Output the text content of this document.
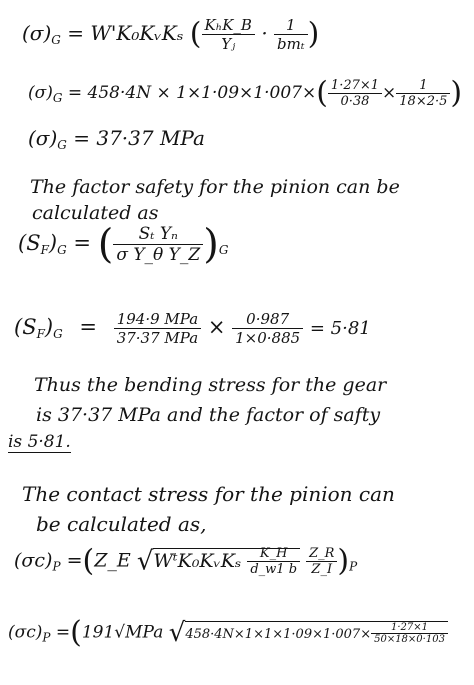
$(\sigma)_G$ = W'K₀KᵥKₛ ( $\frac{\text{KₕK\_B}}{\text{Yⱼ}} \cdot \frac{1}{\text{bmₜ}}$ )
$(\sigma)_G = 458\cdot 4N \times 1\times 1\cdot 09\times 1\cdot 007\times( \frac{1\cdot 27\times 1}{0\cdot 38} \times \frac{1}{18\times 2\cdot 5}$ )
$(\sigma)_G = 37\cdot 37$ MPa
The factor safety for the pinion can be
calculated as
$(S_F)_G$ = ( $\frac{\text{Sₜ Yₙ}}{\text{σ Y\_θ Y\_Z}} )_G$
$(S_F)_G = \frac{\text{194·9 MPa}}{\text{37·37 MPa}} \times \frac{0\cdot 987}{1\times 0\cdot 885} = 5\cdot 81$
Thus the bending stress for the gear
is 37·37 MPa and the factor of safty
is 5·81.
The contact stress for the pinion can
be calculated as,
$(\sigma c)_P$ =(Z_E √WᵗK₀KᵥKₛ $\frac{K\_H}{d\_w1 b}$
$\frac{Z\_R}{Z\_I} )_P$
$(\sigma c)_P =(191√MPa$ $√458\cdot 4N\times 1\times 1\times 1\cdot 09\times 1\cdot 007\times \frac{1\cdot 27\times 1}{50\times 18\times 0\cdot 103}$
